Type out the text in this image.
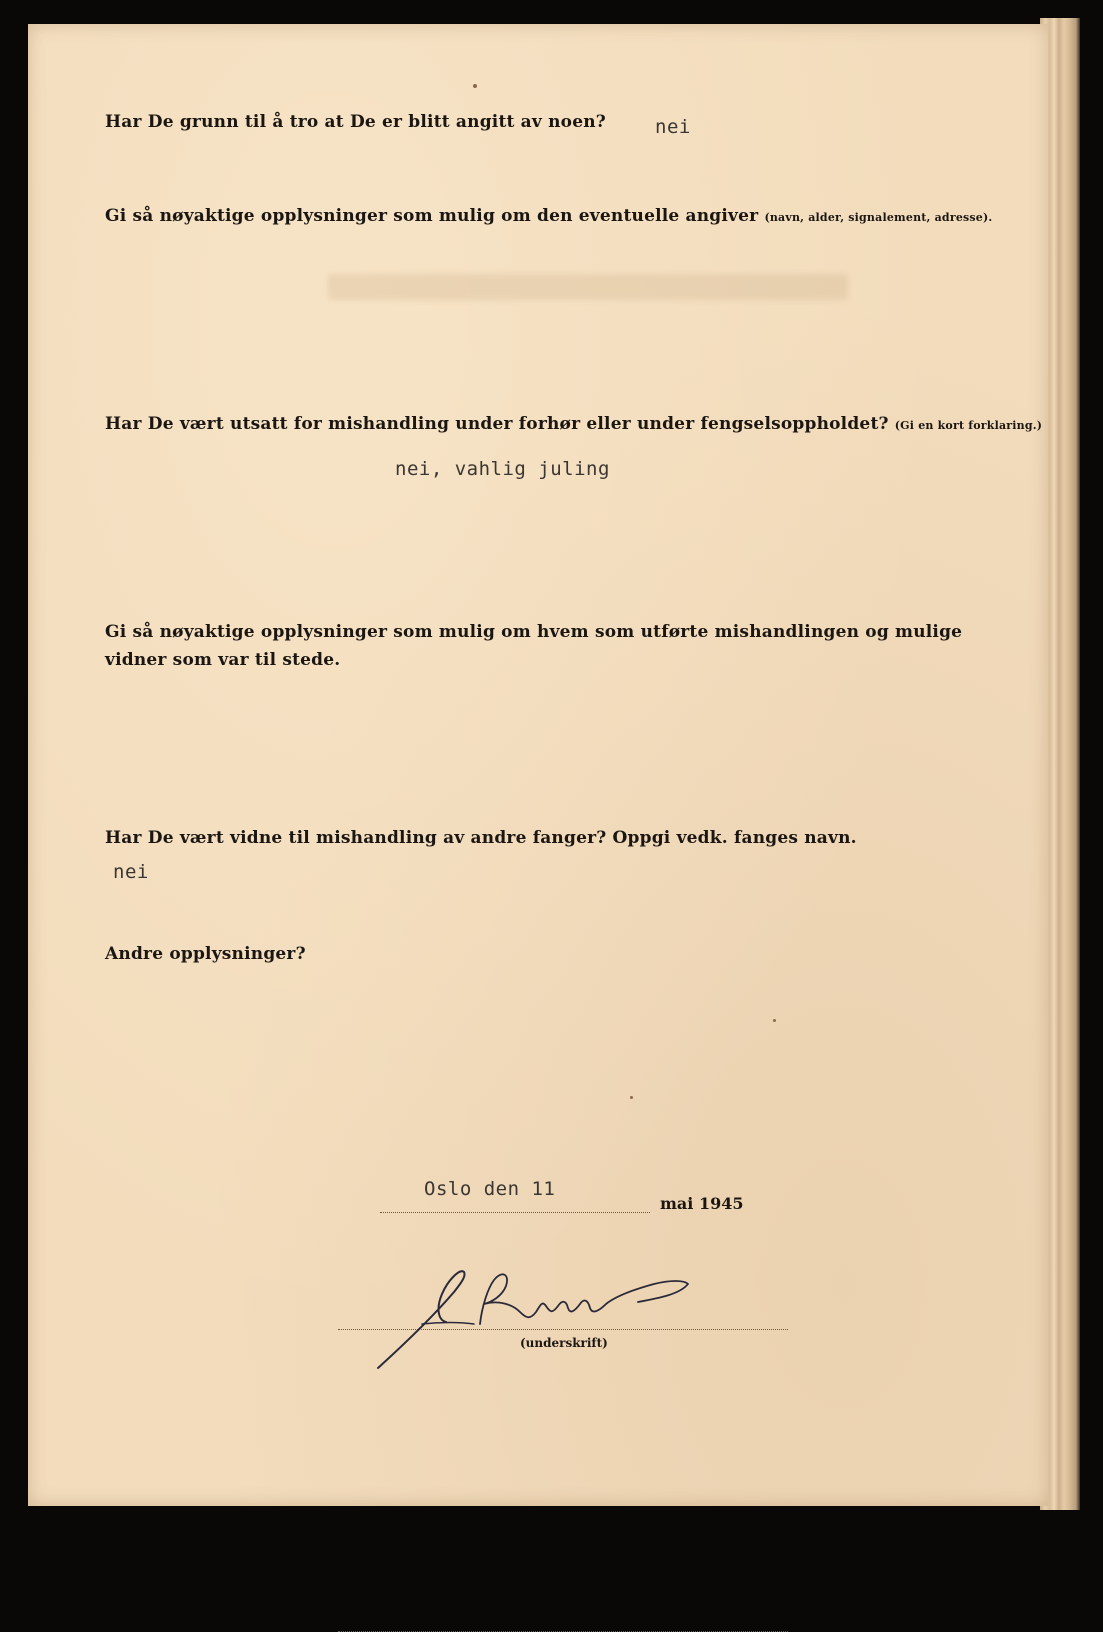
Har De grunn til å tro at De er blitt angitt av noen?	nei
Gi så nøyaktige opplysninger som mulig om den eventuelle angiver (navn, alder, signalement, adresse).
Har De vært utsatt for mishandling under forhør eller under fengselsoppholdet? (Gi en kort forklaring.)
nei, vahlig juling
Gi så nøyaktige opplysninger som mulig om hvem som utførte mishandlingen og mulige vidner som var til stede.
Har De vært vidne til mishandling av andre fanger? Oppgi vedk. fanges navn.
nei
Andre opplysninger?
Oslo den 11
mai 1945
(underskrift)
